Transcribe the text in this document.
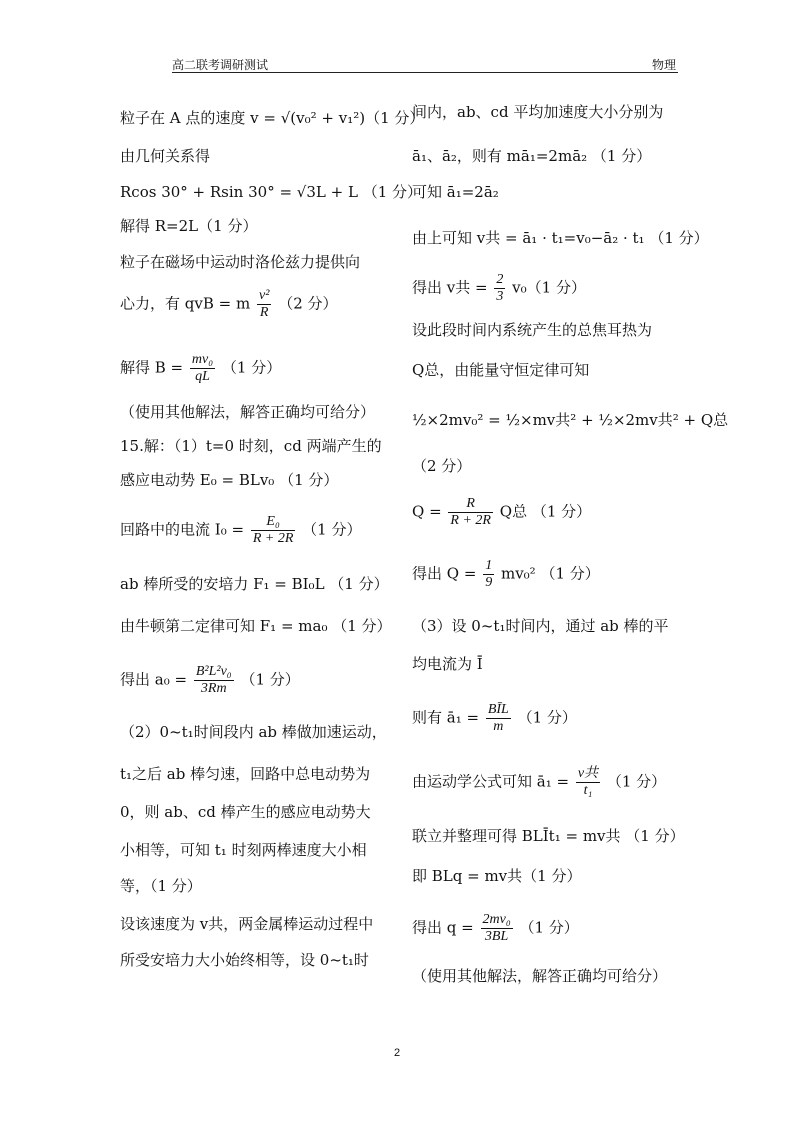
高二联考调研测试	物理
粒子在 A 点的速度 v = √(v₀² + v₁²)（1 分）
由几何关系得
Rcos 30° + Rsin 30° = √3L + L （1 分）
解得 R=2L（1 分）
粒子在磁场中运动时洛伦兹力提供向
心力，有 qvB = m $\frac{\text{v²}}{R} (2$ 分）
解得 $B = \frac{\text{mv₀}}{qL} (1$ 分）
（使用其他解法，解答正确均可给分）
15.解：（1）t=0 时刻，cd 两端产生的
感应电动势 E₀ = BLv₀ （1 分）
回路中的电流 $I_0 = \frac{\text{E₀}}{R + 2R} (1$ 分）
ab 棒所受的安培力 F₁ = BI₀L （1 分）
由牛顿第二定律可知 F₁ = ma₀ （1 分）
得出 $a_0 = \frac{\text{B²L²v₀}}{3Rm} (1$ 分）
（2）0~t₁时间段内 ab 棒做加速运动，
t₁之后 ab 棒匀速，回路中总电动势为
0，则 ab、cd 棒产生的感应电动势大
小相等，可知 t₁ 时刻两棒速度大小相
等，（1 分）
设该速度为 v共，两金属棒运动过程中
所受安培力大小始终相等，设 0~t₁时
间内，ab、cd 平均加速度大小分别为
ā₁、ā₂，则有 mā₁=2mā₂ （1 分）
可知 ā₁=2ā₂
由上可知 v共 = ā₁ · t₁=v₀−ā₂ · t₁ （1 分）
得出 v共 = $\frac{2}{3} v_0(1$ 分）
设此段时间内系统产生的总焦耳热为
Q总，由能量守恒定律可知
½×2mv₀² = ½×mv共² + ½×2mv共² + Q总
（2 分）
$Q = \frac{R}{R + 2R}$ Q总 （1 分）
得出 $Q = \frac{1}{9} mv_0^2$ （1 分）
（3）设 0~t₁时间内，通过 ab 棒的平
均电流为 Ī
则有 ā₁ = $\frac{\text{BĪL}}{m} (1$ 分）
由运动学公式可知 ā₁ = $\frac{\text{v共}}{\text{t₁}} (1$ 分）
联立并整理可得 BLĪt₁ = mv共 （1 分）
即 BLq = mv共（1 分）
得出 $q = \frac{\text{2mv₀}}{3BL} (1$ 分）
（使用其他解法，解答正确均可给分）
2
